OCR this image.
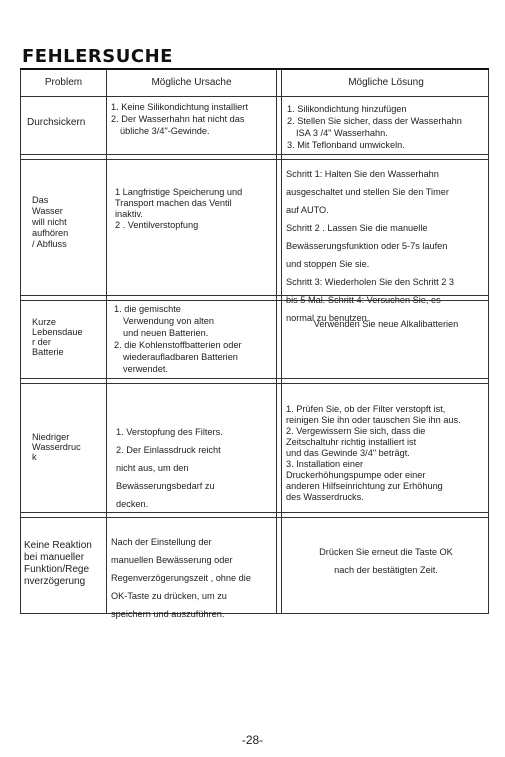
FEHLERSUCHE
Problem	Mögliche Ursache	Mögliche Lösung

Durchsickern

1. Keine Silikondichtung installiert

2. Der Wasserhahn hat nicht das

übliche 3/4"-Gewinde.

1. Silikondichtung hinzufügen

2. Stellen Sie sicher, dass der Wasserhahn

ISA 3 /4" Wasserhahn.

3. Mit Teflonband umwickeln.

Das

Wasser

will nicht

aufhören

/ Abfluss

1 Langfristige Speicherung und

Transport machen das Ventil

inaktiv.

2 . Ventilverstopfung

Schritt 1: Halten Sie den Wasserhahn

ausgeschaltet und stellen Sie den Timer

auf AUTO.

Schritt 2 . Lassen Sie die manuelle

Bewässerungsfunktion oder 5-7s laufen

und stoppen Sie sie.

Schritt 3: Wiederholen Sie den Schritt 2 3

bis 5 Mal. Schritt 4: Versuchen Sie, es

normal zu benutzen.

Kurze

Lebensdaue

r der

Batterie

1. die gemischte

Verwendung von alten

und neuen Batterien.

2. die Kohlenstoffbatterien oder

wiederaufladbaren Batterien

verwendet.

Verwenden Sie neue Alkalibatterien

Niedriger

Wasserdruc

k

1. Verstopfung des Filters.

2. Der Einlassdruck reicht

nicht aus, um den

Bewässerungsbedarf zu

decken.

1. Prüfen Sie, ob der Filter verstopft ist,

reinigen Sie ihn oder tauschen Sie ihn aus.

2. Vergewissern Sie sich, dass die

Zeitschaltuhr richtig installiert ist

und das Gewinde 3/4" beträgt.

3. Installation einer

Druckerhöhungspumpe oder einer

anderen Hilfseinrichtung zur Erhöhung

des Wasserdrucks.

Keine Reaktion

bei manueller

Funktion/Rege

nverzögerung

Nach der Einstellung der

manuellen Bewässerung oder

Regenverzögerungszeit , ohne die

OK-Taste zu drücken, um zu

speichern und auszuführen.

Drücken Sie erneut die Taste OK

nach der bestätigten Zeit.

-28-
